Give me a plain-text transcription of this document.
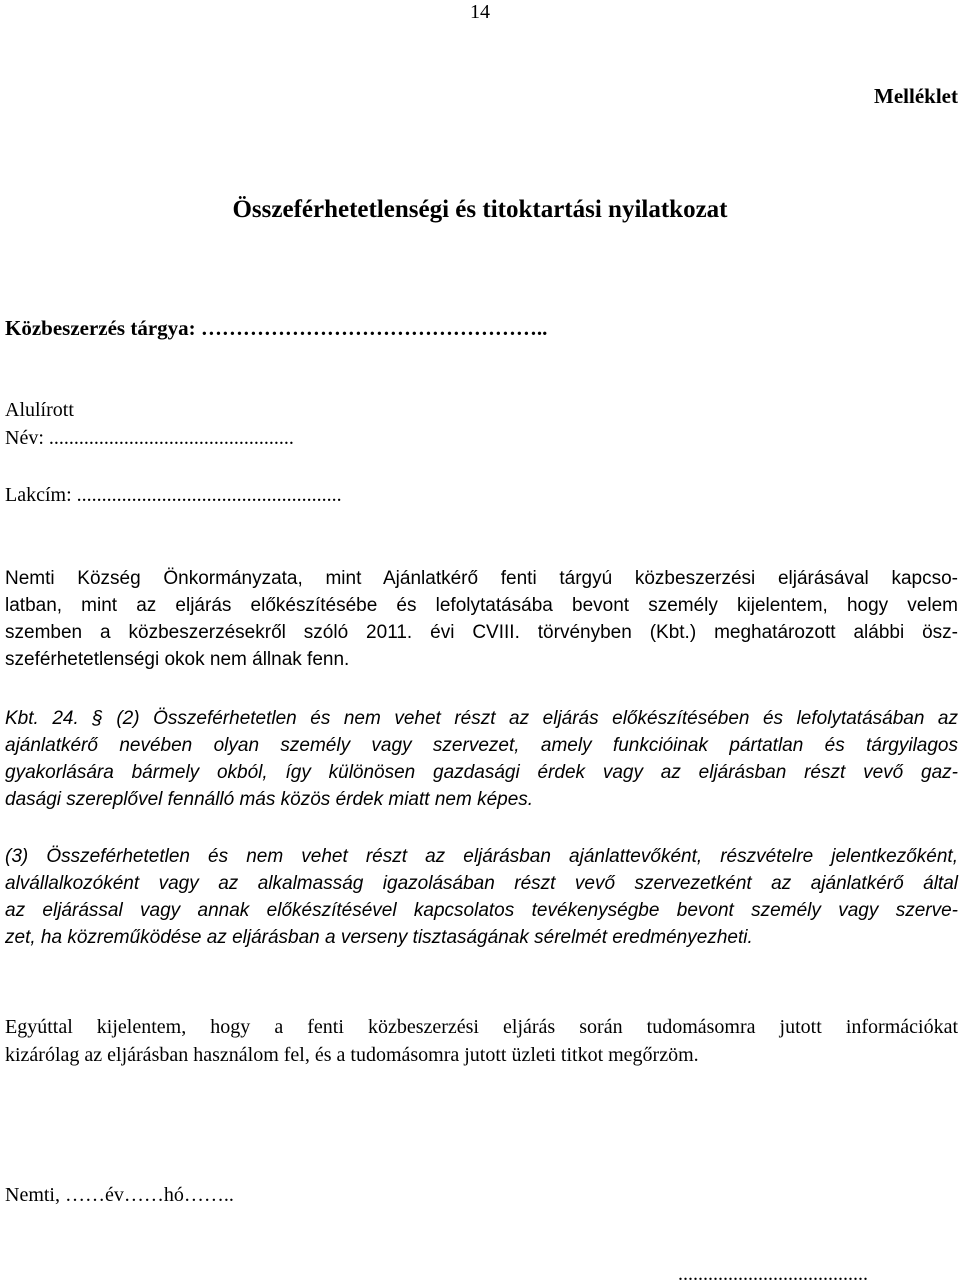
14
Melléklet
Összeférhetetlenségi és titoktartási nyilatkozat
Közbeszerzés tárgya: …………………………………………..
Alulírott
Név: .................................................
Lakcím: .....................................................
Nemti Község Önkormányzata, mint Ajánlatkérő fenti tárgyú közbeszerzési eljárásával kapcso-
latban, mint az eljárás előkészítésébe és lefolytatásába bevont személy kijelentem, hogy velem
szemben a közbeszerzésekről szóló 2011. évi CVIII. törvényben (Kbt.) meghatározott alábbi ösz-
szeférhetetlenségi okok nem állnak fenn.
Kbt. 24. § (2) Összeférhetetlen és nem vehet részt az eljárás előkészítésében és lefolytatásában az
ajánlatkérő nevében olyan személy vagy szervezet, amely funkcióinak pártatlan és tárgyilagos
gyakorlására bármely okból, így különösen gazdasági érdek vagy az eljárásban részt vevő gaz-
dasági szereplővel fennálló más közös érdek miatt nem képes.
(3) Összeférhetetlen és nem vehet részt az eljárásban ajánlattevőként, részvételre jelentkezőként,
alvállalkozóként vagy az alkalmasság igazolásában részt vevő szervezetként az ajánlatkérő által
az eljárással vagy annak előkészítésével kapcsolatos tevékenységbe bevont személy vagy szerve-
zet, ha közreműködése az eljárásban a verseny tisztaságának sérelmét eredményezheti.
Egyúttal kijelentem, hogy a fenti közbeszerzési eljárás során tudomásomra jutott információkat
kizárólag az eljárásban használom fel, és a tudomásomra jutott üzleti titkot megőrzöm.
Nemti, ……év……hó……..
......................................
